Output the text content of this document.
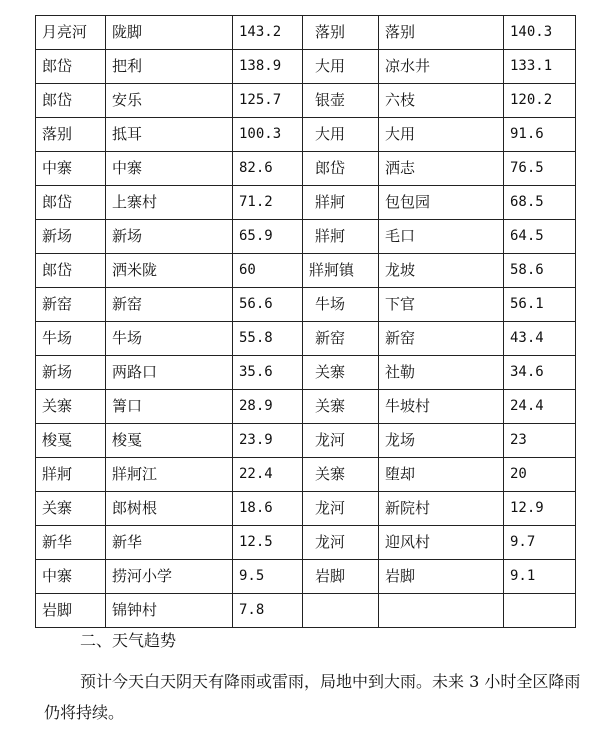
月亮河	陇脚	143.2	落别	落别	140.3
郎岱	把利	138.9	大用	凉水井	133.1
郎岱	安乐	125.7	银壶	六枝	120.2
落别	抵耳	100.3	大用	大用	91.6
中寨	中寨	82.6	郎岱	洒志	76.5
郎岱	上寨村	71.2	牂牁	包包园	68.5
新场	新场	65.9	牂牁	毛口	64.5
郎岱	洒米陇	60	牂牁镇	龙坡	58.6
新窑	新窑	56.6	牛场	下官	56.1
牛场	牛场	55.8	新窑	新窑	43.4
新场	两路口	35.6	关寨	社勒	34.6
关寨	箐口	28.9	关寨	牛坡村	24.4
梭戛	梭戛	23.9	龙河	龙场	23
牂牁	牂牁江	22.4	关寨	堕却	20
关寨	郎树根	18.6	龙河	新院村	12.9
新华	新华	12.5	龙河	迎风村	9.7
中寨	捞河小学	9.5	岩脚	岩脚	9.1
岩脚	锦钟村	7.8			
二、天气趋势

预计今天白天阴天有降雨或雷雨，局地中到大雨。未来 3 小时全区降雨仍将持续。
